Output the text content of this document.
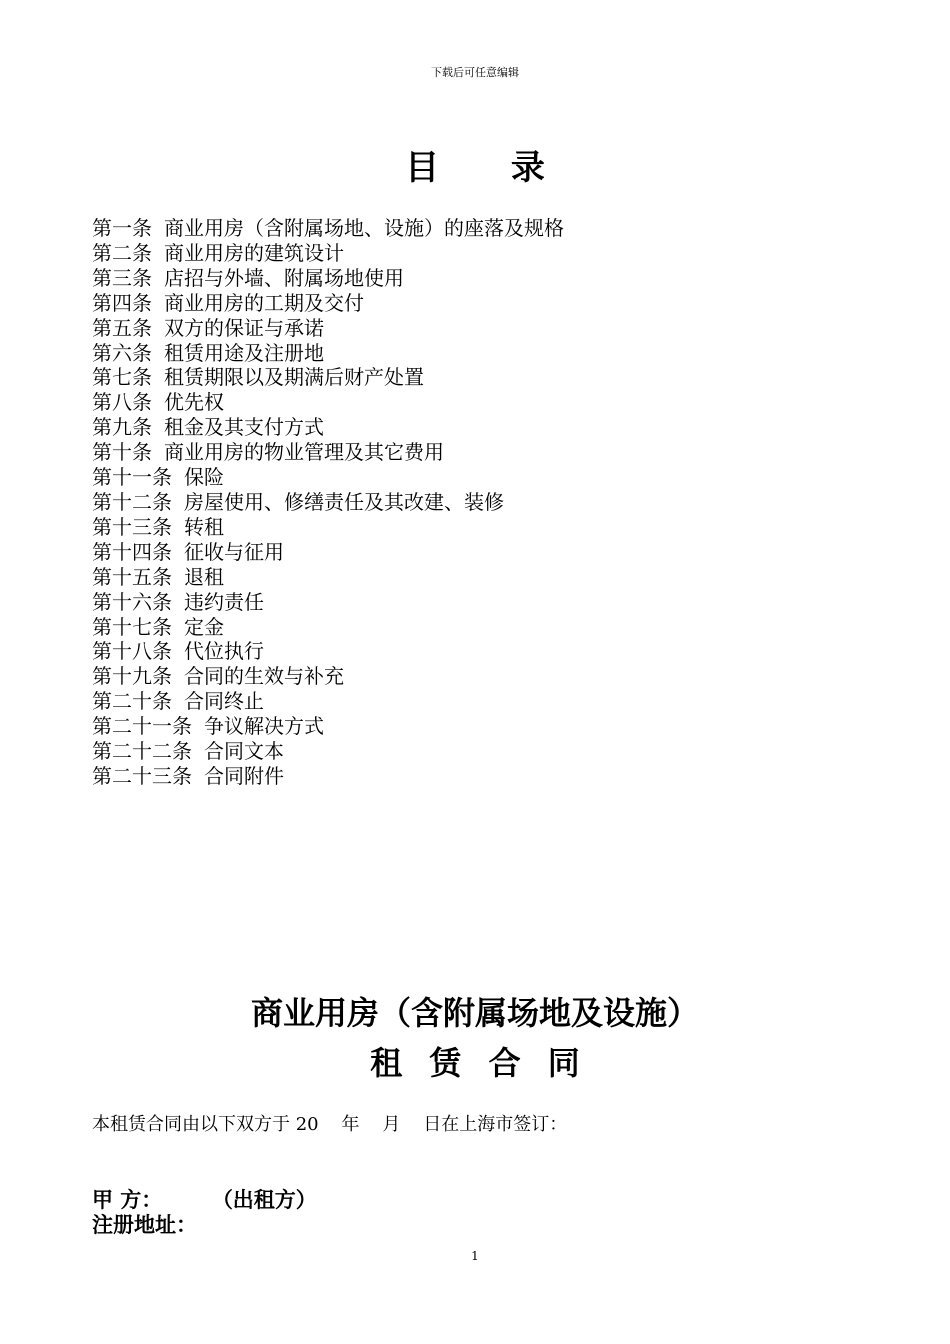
下载后可任意编辑
目 录
第一条 商业用房（含附属场地、设施）的座落及规格
第二条 商业用房的建筑设计
第三条 店招与外墙、附属场地使用
第四条 商业用房的工期及交付
第五条 双方的保证与承诺
第六条 租赁用途及注册地
第七条 租赁期限以及期满后财产处置
第八条 优先权
第九条 租金及其支付方式
第十条 商业用房的物业管理及其它费用
第十一条 保险
第十二条 房屋使用、修缮责任及其改建、装修
第十三条 转租
第十四条 征收与征用
第十五条 退租
第十六条 违约责任
第十七条 定金
第十八条 代位执行
第十九条 合同的生效与补充
第二十条 合同终止
第二十一条 争议解决方式
第二十二条 合同文本
第二十三条 合同附件
商业用房（含附属场地及设施）
租 赁 合 同
本租赁合同由以下双方于 20    年    月    日在上海市签订：
甲 方：	（出租方）
注册地址：
1
